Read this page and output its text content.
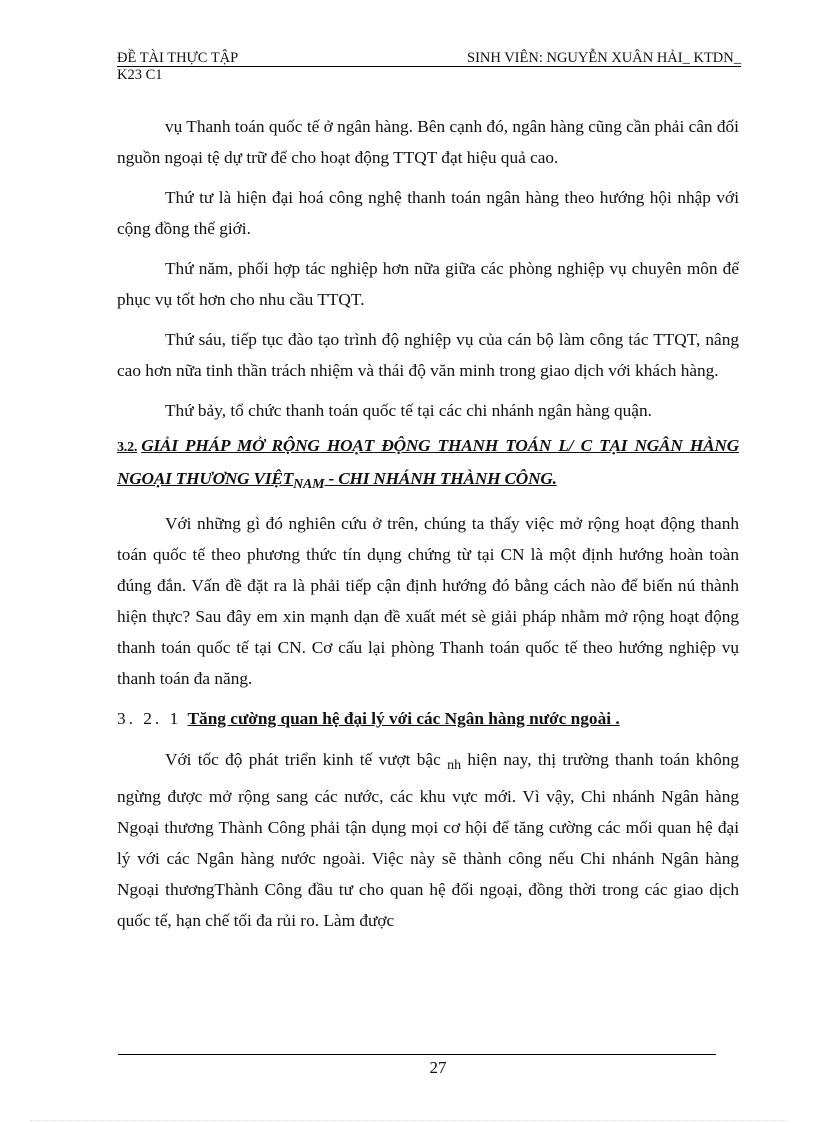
ĐỀ TÀI THỰC TẬP	SINH VIÊN: NGUYỄN XUÂN HẢI_ KTDN_
K23 C1

vụ Thanh toán quốc tế ở ngân hàng. Bên cạnh đó, ngân hàng cũng cần phải cân đối nguồn ngoại tệ dự trữ để cho hoạt động TTQT đạt hiệu quả cao.

Thứ tư là hiện đại hoá công nghệ thanh toán ngân hàng theo hướng hội nhập với cộng đồng thế giới.

Thứ năm, phối hợp tác nghiệp hơn nữa giữa các phòng nghiệp vụ chuyên môn để phục vụ tốt hơn cho nhu cầu TTQT.

Thứ sáu, tiếp tục đào tạo trình độ nghiệp vụ của cán bộ làm công tác TTQT, nâng cao hơn nữa tinh thần trách nhiệm và thái độ văn minh trong giao dịch với khách hàng.

Thứ bảy, tổ chức thanh toán quốc tế tại các chi nhánh ngân hàng quận.

3.2. GIẢI PHÁP MỞ RỘNG HOẠT ĐỘNG THANH TOÁN L/ C TẠI NGÂN HÀNG NGOẠI THƯƠNG VIỆT$_{NAM}$ - CHI NHÁNH THÀNH CÔNG.

Với những gì đó nghiên cứu ở trên, chúng ta thấy việc mở rộng hoạt động thanh toán quốc tế theo phương thức tín dụng chứng từ tại CN là một định hướng hoàn toàn đúng đắn. Vấn đề đặt ra là phải tiếp cận định hướng đó bằng cách nào để biến nú thành hiện thực? Sau đây em xin mạnh dạn đề xuất mét sè giải pháp nhằm mở rộng hoạt động thanh toán quốc tế tại CN. Cơ cấu lại phòng Thanh toán quốc tế theo hướng nghiệp vụ thanh toán đa năng.

3. 2. 1 Tăng cường quan hệ đại lý với các Ngân hàng nước ngoài .

Với tốc độ phát triển kinh tế vượt bậc $_{nh}$ hiện nay, thị trường thanh toán không ngừng được mở rộng sang các nước, các khu vực mới. Vì vậy, Chi nhánh Ngân hàng Ngoại thương Thành Công phải tận dụng mọi cơ hội để tăng cường các mối quan hệ đại lý với các Ngân hàng nước ngoài. Việc này sẽ thành công nếu Chi nhánh Ngân hàng Ngoại thươngThành Công đầu tư cho quan hệ đối ngoại, đồng thời trong các giao dịch quốc tế, hạn chế tối đa rủi ro. Làm được

27
